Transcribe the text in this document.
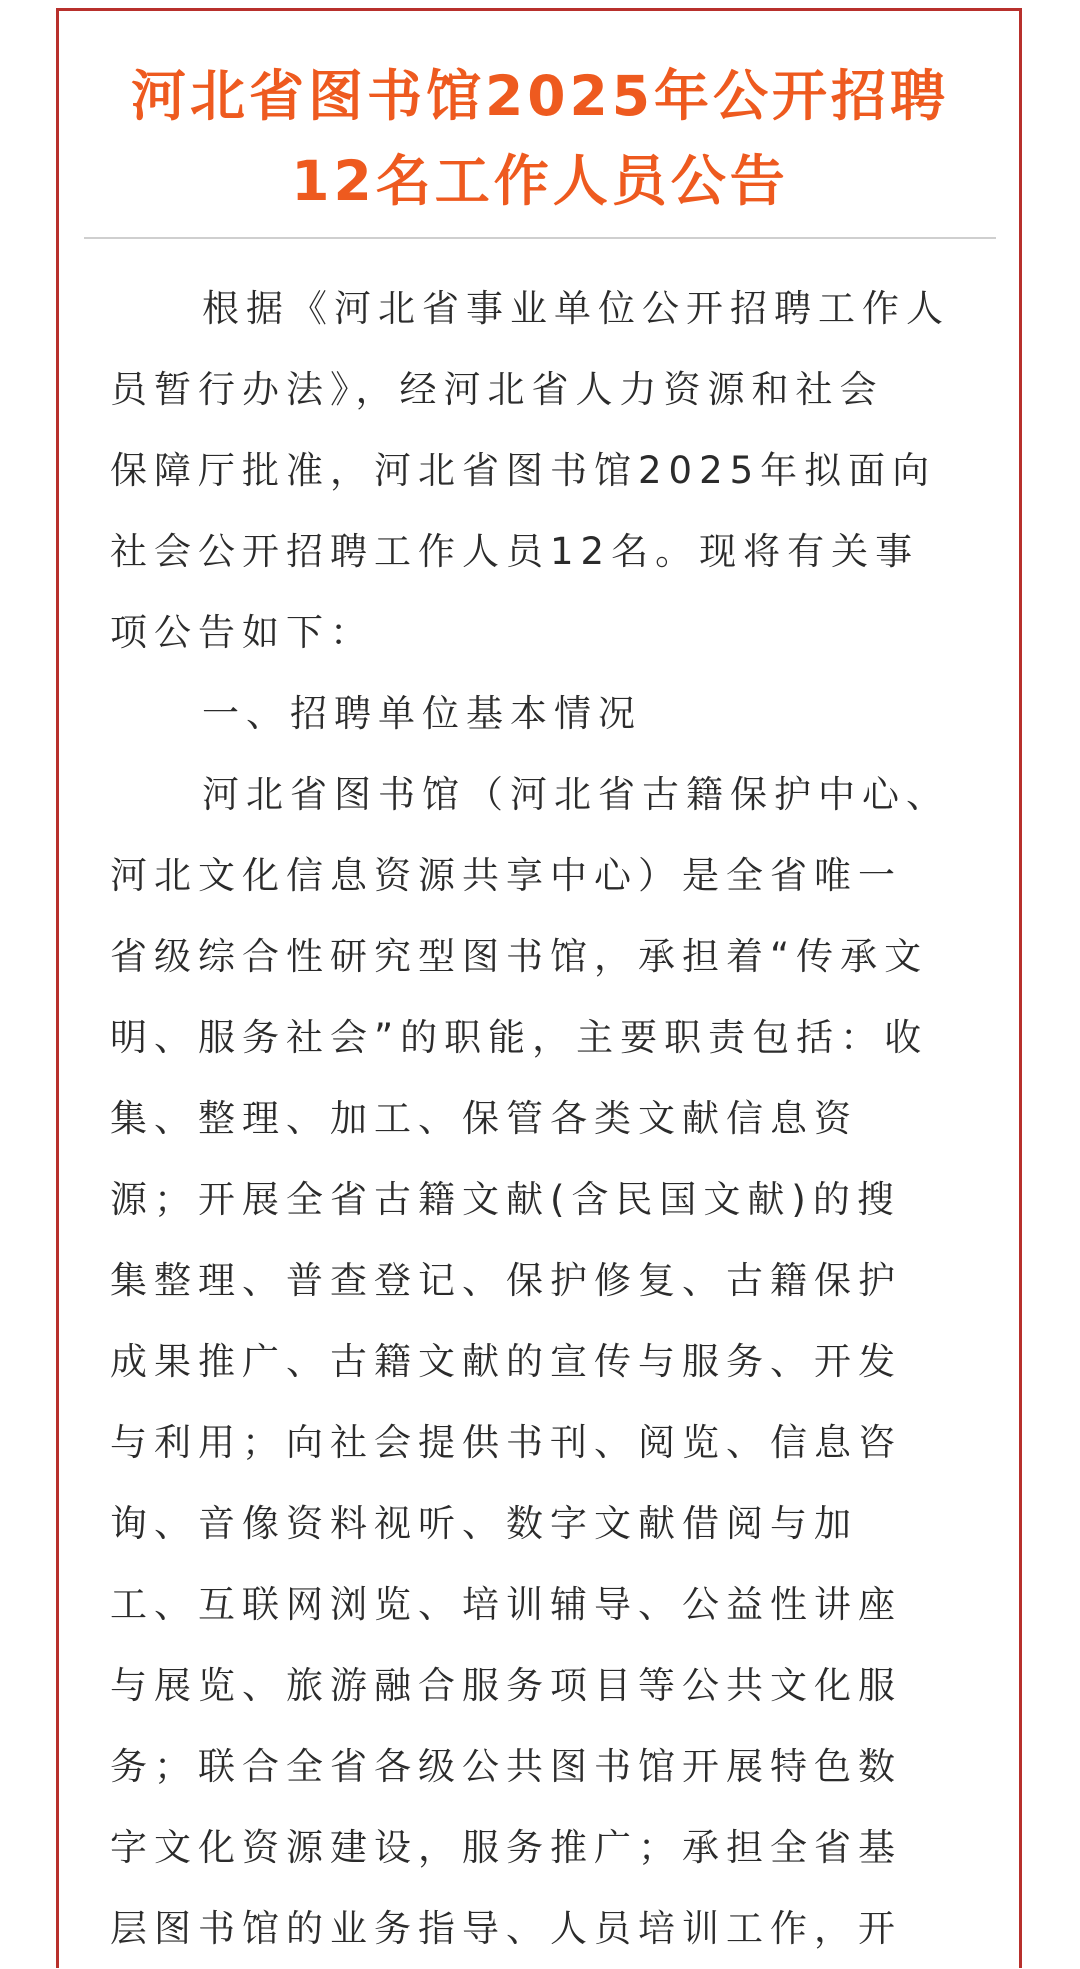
河北省图书馆2025年公开招聘
12名工作人员公告
根据《河北省事业单位公开招聘工作人
员暂行办法》，经河北省人力资源和社会
保障厅批准，河北省图书馆2025年拟面向
社会公开招聘工作人员12名。现将有关事
项公告如下：
一、招聘单位基本情况
河北省图书馆（河北省古籍保护中心、
河北文化信息资源共享中心）是全省唯一
省级综合性研究型图书馆，承担着“传承文
明、服务社会”的职能，主要职责包括：收
集、整理、加工、保管各类文献信息资
源；开展全省古籍文献(含民国文献)的搜
集整理、普查登记、保护修复、古籍保护
成果推广、古籍文献的宣传与服务、开发
与利用；向社会提供书刊、阅览、信息咨
询、音像资料视听、数字文献借阅与加
工、互联网浏览、培训辅导、公益性讲座
与展览、旅游融合服务项目等公共文化服
务；联合全省各级公共图书馆开展特色数
字文化资源建设，服务推广；承担全省基
层图书馆的业务指导、人员培训工作，开
